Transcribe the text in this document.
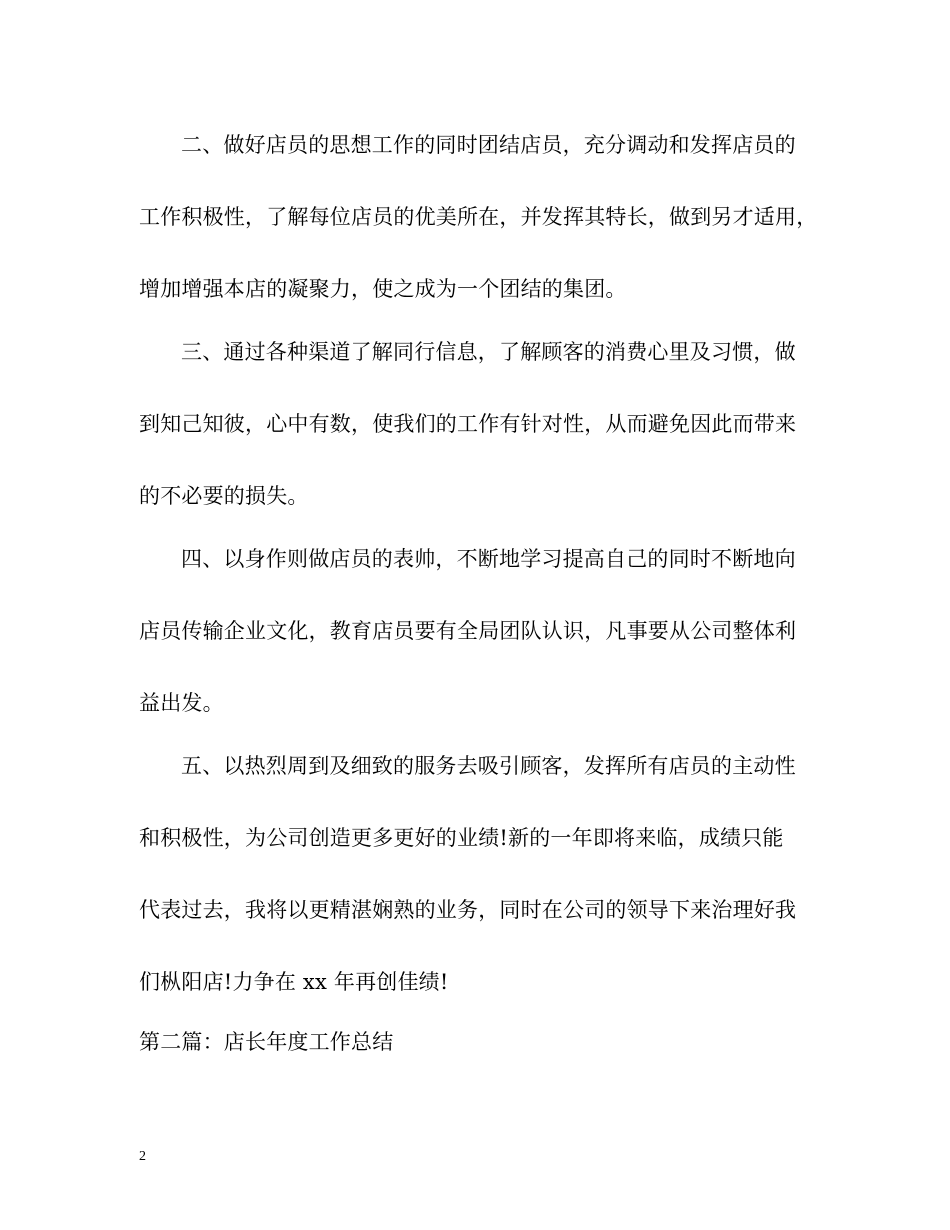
二、做好店员的思想工作的同时团结店员，充分调动和发挥店员的
工作积极性，了解每位店员的优美所在，并发挥其特长，做到另才适用，
增加增强本店的凝聚力，使之成为一个团结的集团。
三、通过各种渠道了解同行信息，了解顾客的消费心里及习惯，做
到知己知彼，心中有数，使我们的工作有针对性，从而避免因此而带来
的不必要的损失。
四、以身作则做店员的表帅，不断地学习提高自己的同时不断地向
店员传输企业文化，教育店员要有全局团队认识，凡事要从公司整体利
益出发。
五、以热烈周到及细致的服务去吸引顾客，发挥所有店员的主动性
和积极性，为公司创造更多更好的业绩!新的一年即将来临，成绩只能
代表过去，我将以更精湛娴熟的业务，同时在公司的领导下来治理好我
们枞阳店!力争在 xx 年再创佳绩!
第二篇：店长年度工作总结
2
